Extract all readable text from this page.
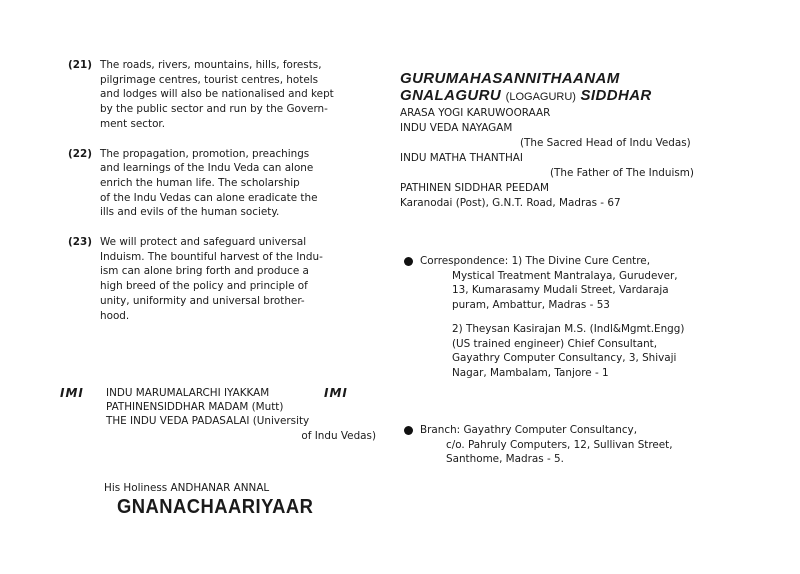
(21) The roads, rivers, mountains, hills, forests,
pilgrimage centres, tourist centres, hotels
and lodges will also be nationalised and kept
by the public sector and run by the Govern-
ment sector.
(22) The propagation, promotion, preachings
and learnings of the Indu Veda can alone
enrich the human life. The scholarship
of the Indu Vedas can alone eradicate the
ills and evils of the human society.
(23) We will protect and safeguard universal
Induism. The bountiful harvest of the Indu-
ism can alone bring forth and produce a
high breed of the policy and principle of
unity, uniformity and universal brother-
hood.
IMI	IMI
INDU MARUMALARCHI IYAKKAM
PATHINENSIDDHAR MADAM (Mutt)
THE INDU VEDA PADASALAI (University
of Indu Vedas)
His Holiness ANDHANAR ANNAL
GNANACHAARIYAAR
GURUMAHASANNITHAANAM
GNALAGURU (LOGAGURU) SIDDHAR
ARASA YOGI KARUWOORAAR
INDU VEDA NAYAGAM
(The Sacred Head of Indu Vedas)
INDU MATHA THANTHAI
(The Father of The Induism)
PATHINEN SIDDHAR PEEDAM
Karanodai (Post), G.N.T. Road, Madras - 67
Correspondence: 1) The Divine Cure Centre,
Mystical Treatment Mantralaya, Gurudever,
13, Kumarasamy Mudali Street, Vardaraja
puram, Ambattur, Madras - 53
2) Theysan Kasirajan M.S. (Indl&Mgmt.Engg)
(US trained engineer) Chief Consultant,
Gayathry Computer Consultancy, 3, Shivaji
Nagar, Mambalam, Tanjore - 1
Branch: Gayathry Computer Consultancy,
c/o. Pahruly Computers, 12, Sullivan Street,
Santhome, Madras - 5.
